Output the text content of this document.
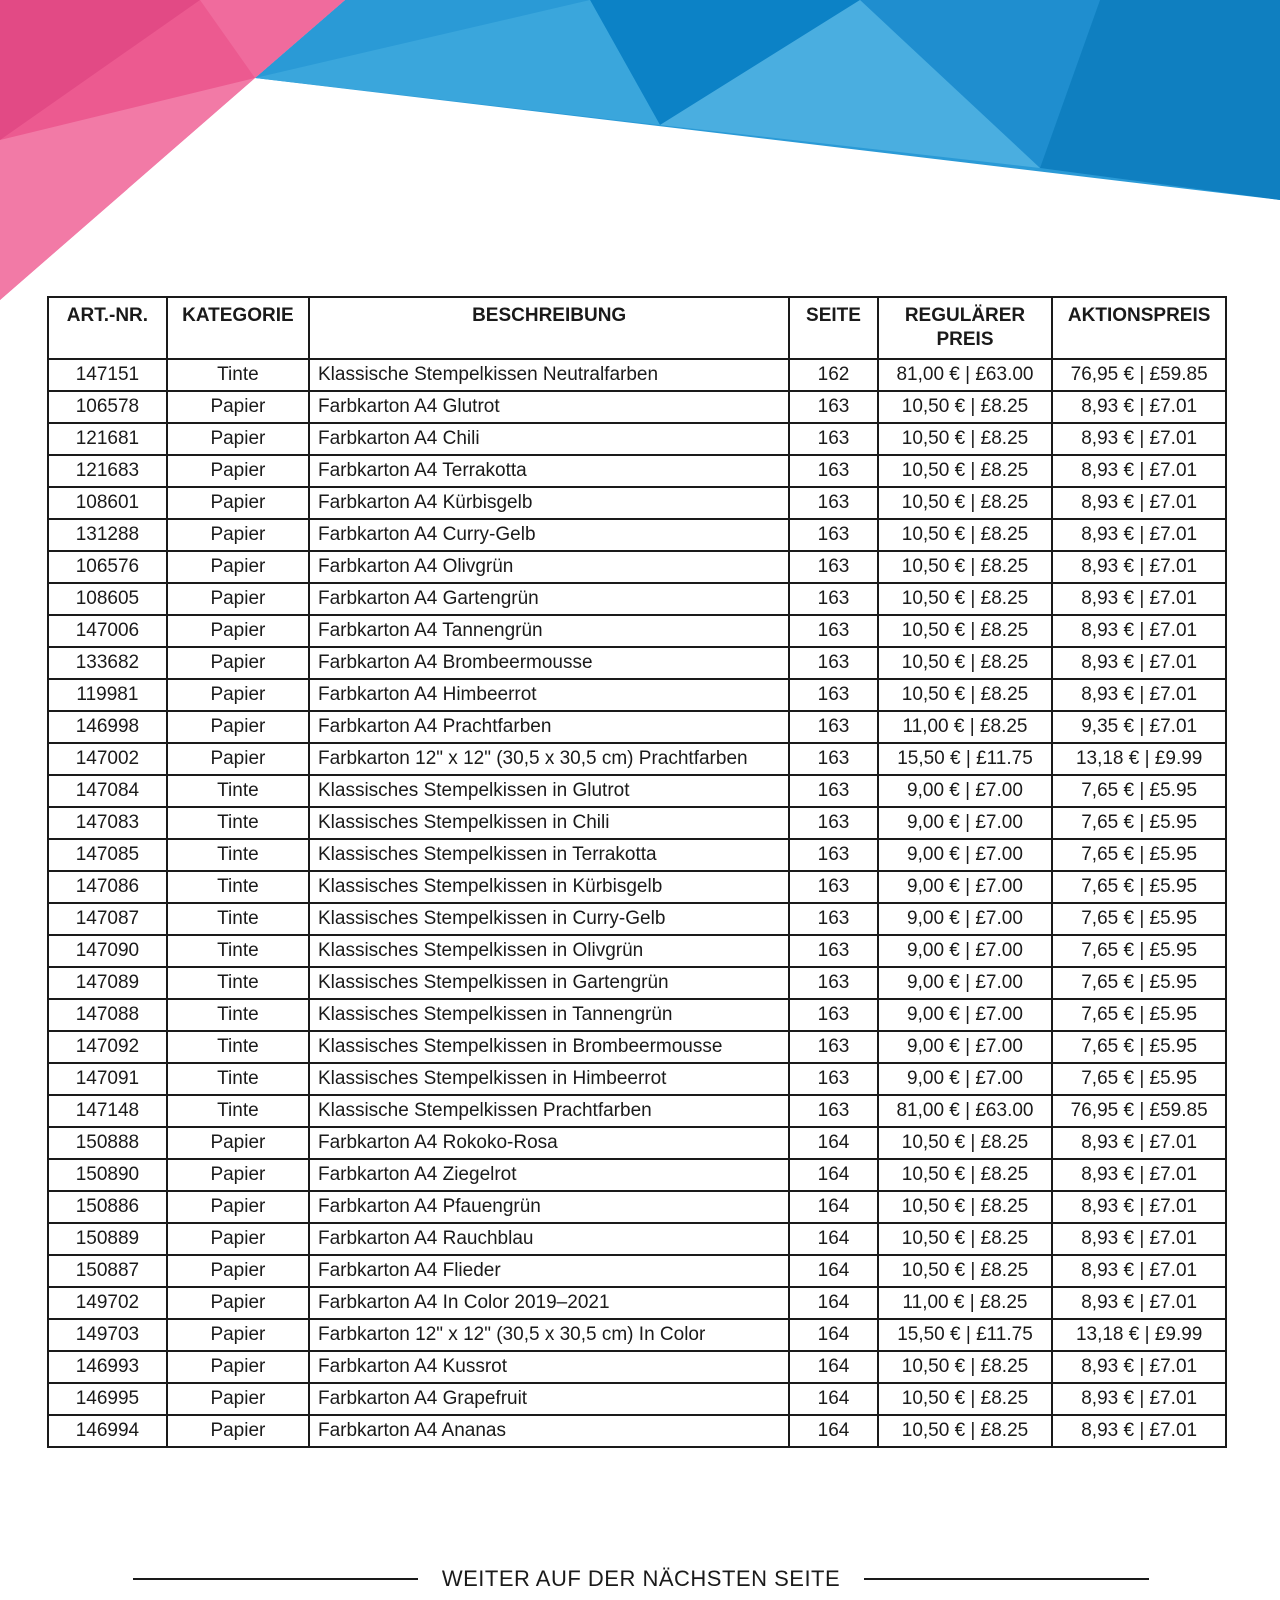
ART.-NR.	KATEGORIE	BESCHREIBUNG	SEITE	REGULÄRER PREIS	AKTIONSPREIS
147151	Tinte	Klassische Stempelkissen Neutralfarben	162	81,00 € | £63.00	76,95 € | £59.85
106578	Papier	Farbkarton A4 Glutrot	163	10,50 € | £8.25	8,93 € | £7.01
121681	Papier	Farbkarton A4 Chili	163	10,50 € | £8.25	8,93 € | £7.01
121683	Papier	Farbkarton A4 Terrakotta	163	10,50 € | £8.25	8,93 € | £7.01
108601	Papier	Farbkarton A4 Kürbisgelb	163	10,50 € | £8.25	8,93 € | £7.01
131288	Papier	Farbkarton A4 Curry-Gelb	163	10,50 € | £8.25	8,93 € | £7.01
106576	Papier	Farbkarton A4 Olivgrün	163	10,50 € | £8.25	8,93 € | £7.01
108605	Papier	Farbkarton A4 Gartengrün	163	10,50 € | £8.25	8,93 € | £7.01
147006	Papier	Farbkarton A4 Tannengrün	163	10,50 € | £8.25	8,93 € | £7.01
133682	Papier	Farbkarton A4 Brombeermousse	163	10,50 € | £8.25	8,93 € | £7.01
119981	Papier	Farbkarton A4 Himbeerrot	163	10,50 € | £8.25	8,93 € | £7.01
146998	Papier	Farbkarton A4 Prachtfarben	163	11,00 € | £8.25	9,35 € | £7.01
147002	Papier	Farbkarton 12" x 12" (30,5 x 30,5 cm) Prachtfarben	163	15,50 € | £11.75	13,18 € | £9.99
147084	Tinte	Klassisches Stempelkissen in Glutrot	163	9,00 € | £7.00	7,65 € | £5.95
147083	Tinte	Klassisches Stempelkissen in Chili	163	9,00 € | £7.00	7,65 € | £5.95
147085	Tinte	Klassisches Stempelkissen in Terrakotta	163	9,00 € | £7.00	7,65 € | £5.95
147086	Tinte	Klassisches Stempelkissen in Kürbisgelb	163	9,00 € | £7.00	7,65 € | £5.95
147087	Tinte	Klassisches Stempelkissen in Curry-Gelb	163	9,00 € | £7.00	7,65 € | £5.95
147090	Tinte	Klassisches Stempelkissen in Olivgrün	163	9,00 € | £7.00	7,65 € | £5.95
147089	Tinte	Klassisches Stempelkissen in Gartengrün	163	9,00 € | £7.00	7,65 € | £5.95
147088	Tinte	Klassisches Stempelkissen in Tannengrün	163	9,00 € | £7.00	7,65 € | £5.95
147092	Tinte	Klassisches Stempelkissen in Brombeermousse	163	9,00 € | £7.00	7,65 € | £5.95
147091	Tinte	Klassisches Stempelkissen in Himbeerrot	163	9,00 € | £7.00	7,65 € | £5.95
147148	Tinte	Klassische Stempelkissen Prachtfarben	163	81,00 € | £63.00	76,95 € | £59.85
150888	Papier	Farbkarton A4 Rokoko-Rosa	164	10,50 € | £8.25	8,93 € | £7.01
150890	Papier	Farbkarton A4 Ziegelrot	164	10,50 € | £8.25	8,93 € | £7.01
150886	Papier	Farbkarton A4 Pfauengrün	164	10,50 € | £8.25	8,93 € | £7.01
150889	Papier	Farbkarton A4 Rauchblau	164	10,50 € | £8.25	8,93 € | £7.01
150887	Papier	Farbkarton A4 Flieder	164	10,50 € | £8.25	8,93 € | £7.01
149702	Papier	Farbkarton A4 In Color 2019–2021	164	11,00 € | £8.25	8,93 € | £7.01
149703	Papier	Farbkarton 12" x 12" (30,5 x 30,5 cm) In Color	164	15,50 € | £11.75	13,18 € | £9.99
146993	Papier	Farbkarton A4 Kussrot	164	10,50 € | £8.25	8,93 € | £7.01
146995	Papier	Farbkarton A4 Grapefruit	164	10,50 € | £8.25	8,93 € | £7.01
146994	Papier	Farbkarton A4 Ananas	164	10,50 € | £8.25	8,93 € | £7.01
WEITER AUF DER NÄCHSTEN SEITE
